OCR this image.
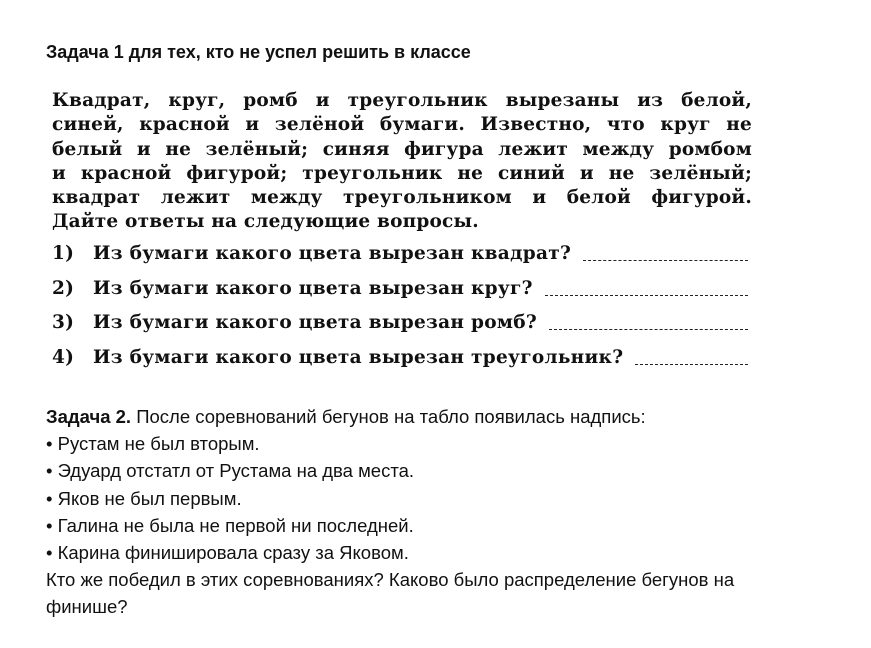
Задача 1 для тех, кто не успел решить в классе
Квадрат, круг, ромб и треугольник вырезаны из белой,
синей, красной и зелёной бумаги. Известно, что круг не
белый и не зелёный; синяя фигура лежит между ромбом
и красной фигурой; треугольник не синий и не зелёный;
квадрат лежит между треугольником и белой фигурой.
Дайте ответы на следующие вопросы.
1)	Из бумаги какого цвета вырезан квадрат?
2)	Из бумаги какого цвета вырезан круг?
3)	Из бумаги какого цвета вырезан ромб?
4)	Из бумаги какого цвета вырезан треугольник?
Задача 2. После соревнований бегунов на табло появилась надпись:
• Рустам не был вторым.
• Эдуард отстатл от Рустама на два места.
• Яков не был первым.
• Галина не была не первой ни последней.
• Карина финишировала сразу за Яковом.
Кто же победил в этих соревнованиях? Каково было распределение бегунов на
финише?
